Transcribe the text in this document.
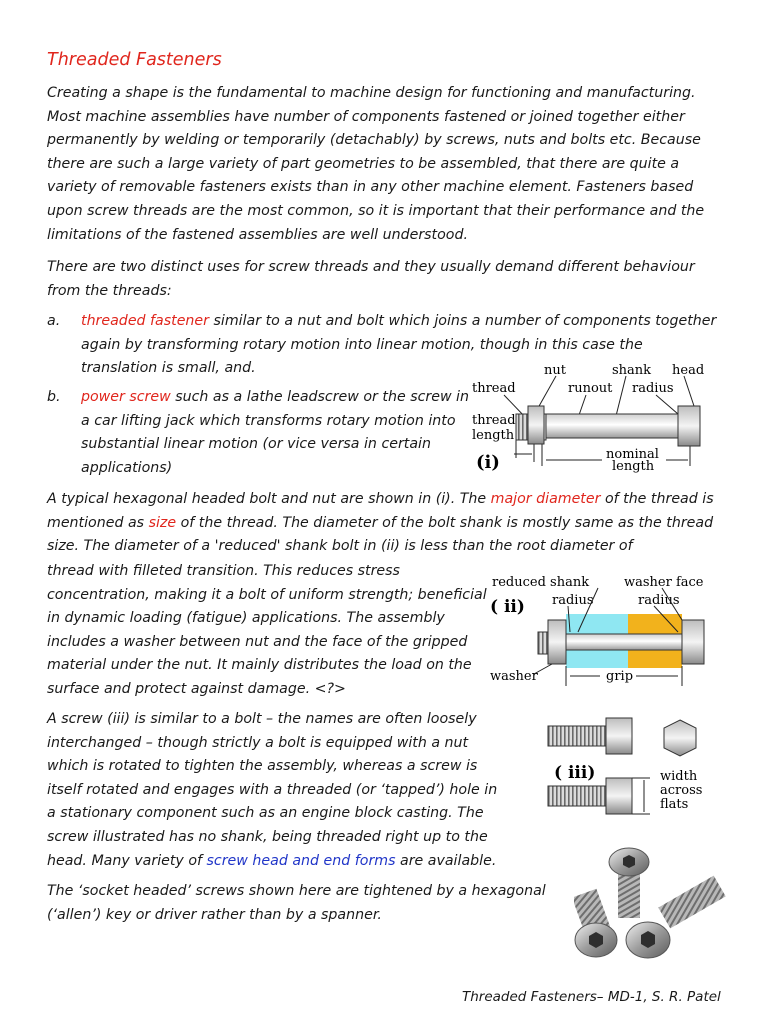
Threaded Fasteners

Creating a shape is the fundamental to machine design for functioning and manufacturing. Most machine assemblies have number of components fastened or joined together either permanently by welding or temporarily (detachably) by screws, nuts and bolts etc. Because there are such a large variety of part geometries to be assembled, that there are quite a variety of removable fasteners exists than in any other machine element. Fasteners based upon screw threads are the most common, so it is important that their performance and the limitations of the fastened assemblies are well understood.

There are two distinct uses for screw threads and they usually demand different behaviour from the threads:

a. threaded fastener similar to a nut and bolt which joins a number of components together again by transforming rotary motion into linear motion, though in this case the translation is small, and.
b. power screw such as a lathe leadscrew or the screw in a car lifting jack which transforms rotary motion into substantial linear motion (or vice versa in certain applications)

A typical hexagonal headed bolt and nut are shown in (i). The major diameter of the thread is mentioned as size of the thread. The diameter of the bolt shank is mostly same as the thread size. The diameter of a 'reduced' shank bolt in (ii) is less than the root diameter of

thread with filleted transition. This reduces stress concentration, making it a bolt of uniform strength; beneficial in dynamic loading (fatigue) applications. The assembly includes a washer between nut and the face of the gripped material under the nut. It mainly distributes the load on the surface and protect against damage. <?>

A screw (iii) is similar to a bolt – the names are often loosely interchanged – though strictly a bolt is equipped with a nut which is rotated to tighten the assembly, whereas a screw is itself rotated and engages with a threaded (or ‘tapped’) hole in a stationary component such as an engine block casting. The screw illustrated has no shank, being threaded right up to the head. Many variety of screw head and end forms are available.

The ‘socket headed’ screws shown here are tightened by a hexagonal (‘allen’) key or driver rather than by a spanner.

Threaded Fasteners– MD-1, S. R. Patel
nut	shank head
thread	runout radius
thread
length
(i)	nominal
length
reduced shank	washer face
radius	radius
( ii)
washer	grip
( iii)	width
across
flats
